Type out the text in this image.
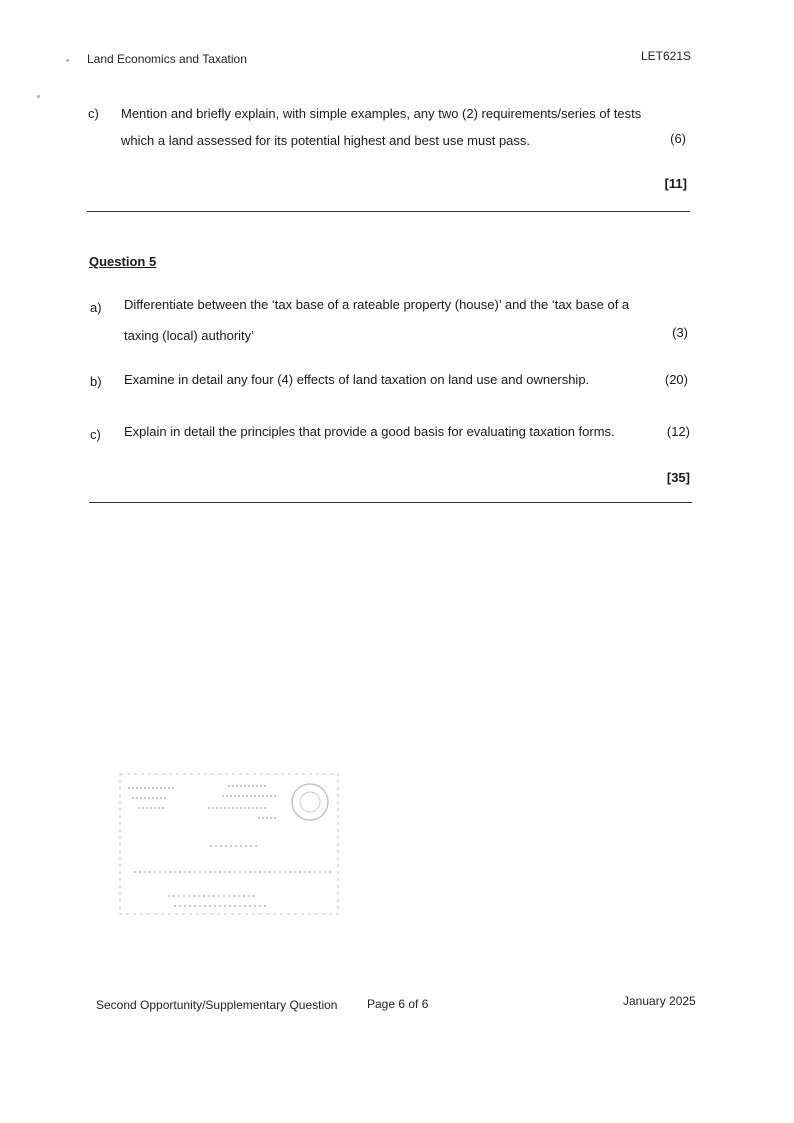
Land Economics and Taxation	LET621S
c) Mention and briefly explain, with simple examples, any two (2) requirements/series of tests
which a land assessed for its potential highest and best use must pass.	(6)
[11]
Question 5
a) Differentiate between the ‘tax base of a rateable property (house)’ and the ‘tax base of a
taxing (local) authority’	(3)
b) Examine in detail any four (4) effects of land taxation on land use and ownership.	(20)
c) Explain in detail the principles that provide a good basis for evaluating taxation forms.	(12)
[35]
Second Opportunity/Supplementary Question Page 6 of 6	January 2025
